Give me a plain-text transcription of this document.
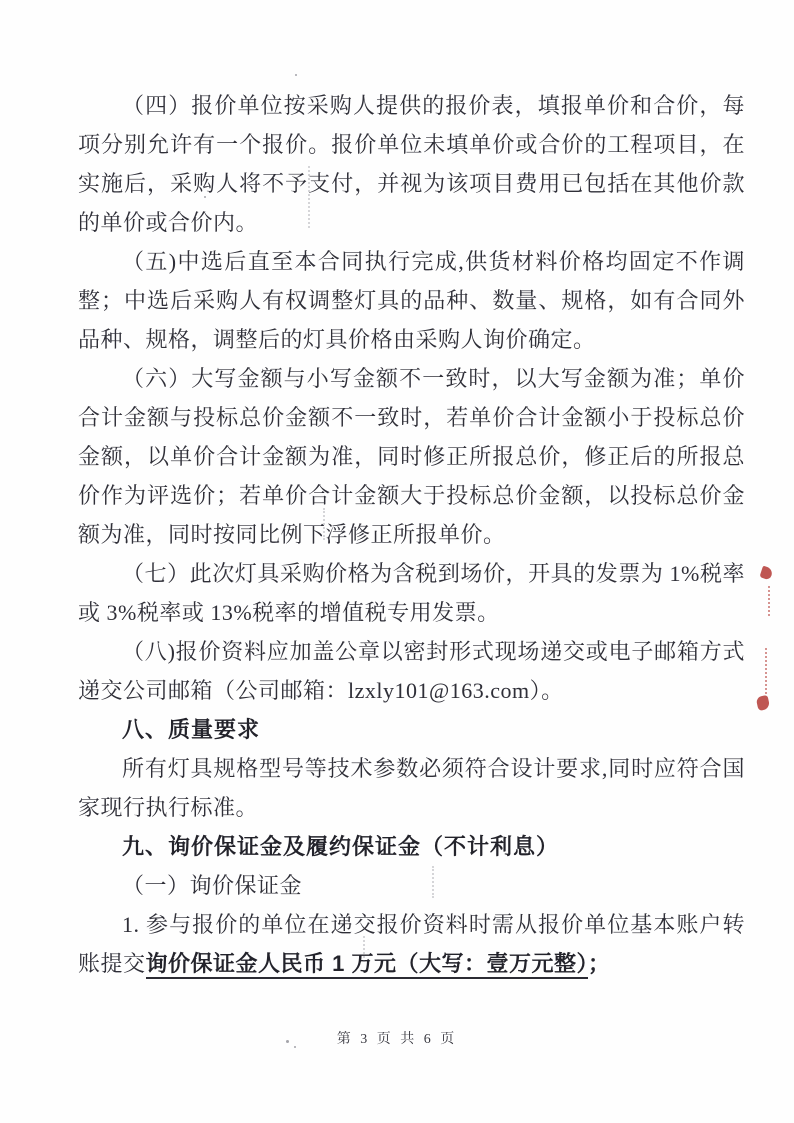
（四）报价单位按采购人提供的报价表，填报单价和合价，每项分别允许有一个报价。报价单位未填单价或合价的工程项目，在实施后，采购人将不予支付，并视为该项目费用已包括在其他价款的单价或合价内。

（五)中选后直至本合同执行完成,供货材料价格均固定不作调整；中选后采购人有权调整灯具的品种、数量、规格，如有合同外品种、规格，调整后的灯具价格由采购人询价确定。

（六）大写金额与小写金额不一致时，以大写金额为准；单价合计金额与投标总价金额不一致时，若单价合计金额小于投标总价金额，以单价合计金额为准，同时修正所报总价，修正后的所报总价作为评选价；若单价合计金额大于投标总价金额，以投标总价金额为准，同时按同比例下浮修正所报单价。

（七）此次灯具采购价格为含税到场价，开具的发票为 1%税率或 3%税率或 13%税率的增值税专用发票。

（八)报价资料应加盖公章以密封形式现场递交或电子邮箱方式递交公司邮箱（公司邮箱：lzxly101@163.com）。

八、质量要求

所有灯具规格型号等技术参数必须符合设计要求,同时应符合国家现行执行标准。

九、询价保证金及履约保证金（不计利息）

（一）询价保证金

1. 参与报价的单位在递交报价资料时需从报价单位基本账户转账提交询价保证金人民币 1 万元（大写：壹万元整）；

第 3 页 共 6 页
